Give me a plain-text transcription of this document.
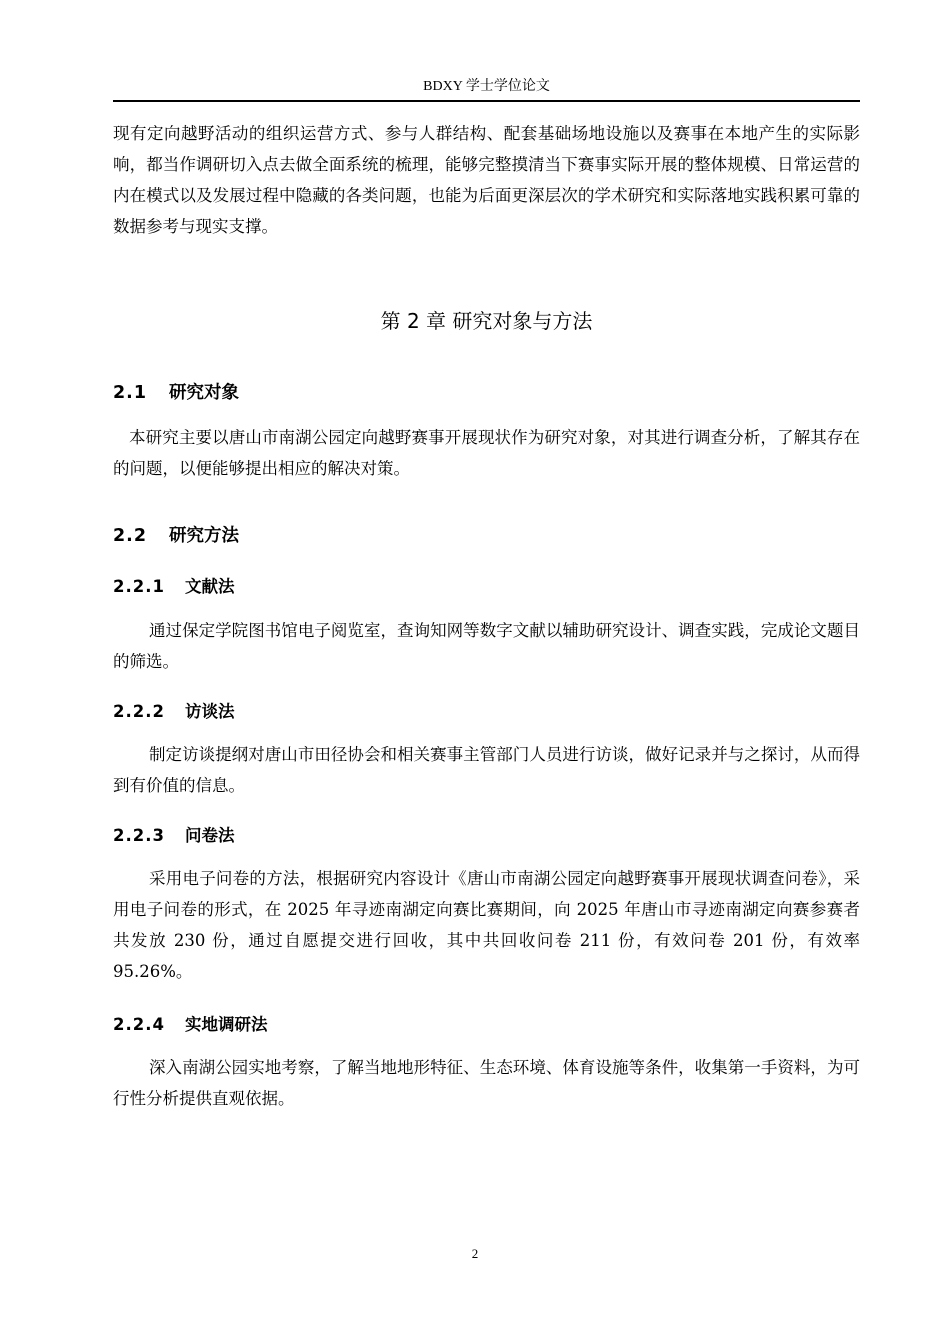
BDXY 学士学位论文

现有定向越野活动的组织运营方式、参与人群结构、配套基础场地设施以及赛事在本地产生的实际影响，都当作调研切入点去做全面系统的梳理，能够完整摸清当下赛事实际开展的整体规模、日常运营的内在模式以及发展过程中隐藏的各类问题，也能为后面更深层次的学术研究和实际落地实践积累可靠的数据参考与现实支撑。

第 2 章 研究对象与方法
2.1 研究对象

本研究主要以唐山市南湖公园定向越野赛事开展现状作为研究对象，对其进行调查分析，了解其存在的问题，以便能够提出相应的解决对策。

2.2 研究方法
2.2.1 文献法

通过保定学院图书馆电子阅览室，查询知网等数字文献以辅助研究设计、调查实践，完成论文题目的筛选。

2.2.2 访谈法

制定访谈提纲对唐山市田径协会和相关赛事主管部门人员进行访谈，做好记录并与之探讨，从而得到有价值的信息。

2.2.3 问卷法

采用电子问卷的方法，根据研究内容设计《唐山市南湖公园定向越野赛事开展现状调查问卷》，采用电子问卷的形式，在 2025 年寻迹南湖定向赛比赛期间，向 2025 年唐山市寻迹南湖定向赛参赛者共发放 230 份，通过自愿提交进行回收，其中共回收问卷 211 份，有效问卷 201 份，有效率 95.26%。

2.2.4 实地调研法

深入南湖公园实地考察，了解当地地形特征、生态环境、体育设施等条件，收集第一手资料，为可行性分析提供直观依据。

2
